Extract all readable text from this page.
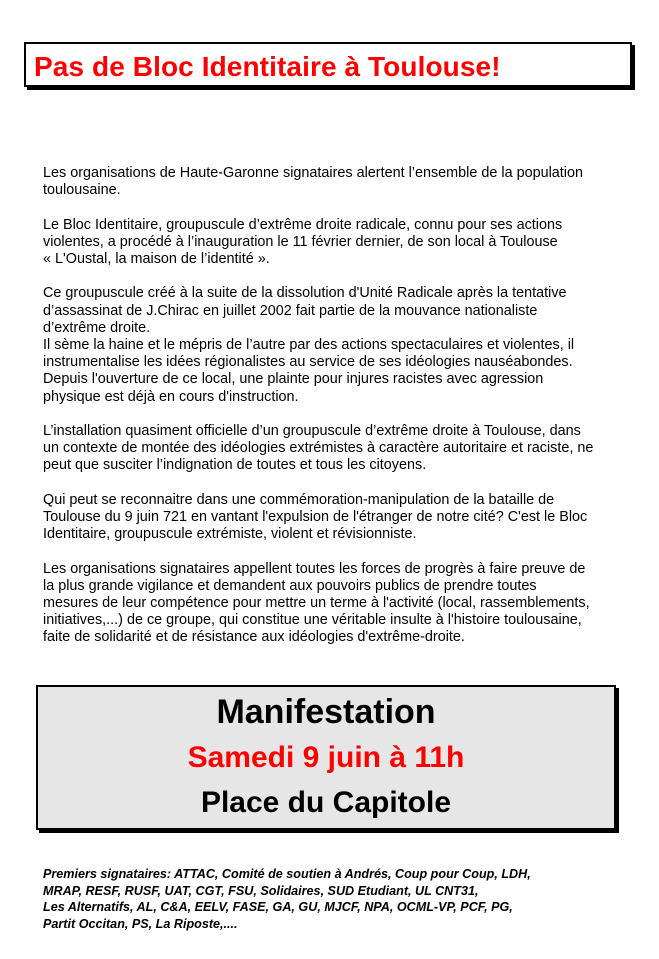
Pas de Bloc Identitaire à Toulouse!
Les organisations de Haute-Garonne signataires alertent l’ensemble de la population
toulousaine.
Le Bloc Identitaire, groupuscule d’extrême droite radicale, connu pour ses actions
violentes, a procédé à l’inauguration le 11 février dernier, de son local à Toulouse
« L'Oustal, la maison de l’identité ».
Ce groupuscule créé à la suite de la dissolution d'Unité Radicale après la tentative
d’assassinat de J.Chirac en juillet 2002 fait partie de la mouvance nationaliste
d’extrême droite.
Il sème la haine et le mépris de l’autre par des actions spectaculaires et violentes, il
instrumentalise les idées régionalistes au service de ses idéologies nauséabondes.
Depuis l'ouverture de ce local, une plainte pour injures racistes avec agression
physique est déjà en cours d'instruction.
L’installation quasiment officielle d’un groupuscule d’extrême droite à Toulouse, dans
un contexte de montée des idéologies extrémistes à caractère autoritaire et raciste, ne
peut que susciter l’indignation de toutes et tous les citoyens.
Qui peut se reconnaitre dans une commémoration-manipulation de la bataille de
Toulouse du 9 juin 721 en vantant l'expulsion de l'étranger de notre cité? C'est le Bloc
Identitaire, groupuscule extrémiste, violent et révisionniste.
Les organisations signataires appellent toutes les forces de progrès à faire preuve de
la plus grande vigilance et demandent aux pouvoirs publics de prendre toutes
mesures de leur compétence pour mettre un terme à l'activité (local, rassemblements,
initiatives,...) de ce groupe, qui constitue une véritable insulte à l'histoire toulousaine,
faite de solidarité et de résistance aux idéologies d'extrême-droite.
Manifestation
Samedi 9 juin à 11h
Place du Capitole
Premiers signataires: ATTAC, Comité de soutien à Andrés, Coup pour Coup, LDH,
MRAP, RESF, RUSF, UAT, CGT, FSU, Solidaires, SUD Etudiant, UL CNT31,
Les Alternatifs, AL, C&A, EELV, FASE, GA, GU, MJCF, NPA, OCML-VP, PCF, PG,
Partit Occitan, PS, La Riposte,....
